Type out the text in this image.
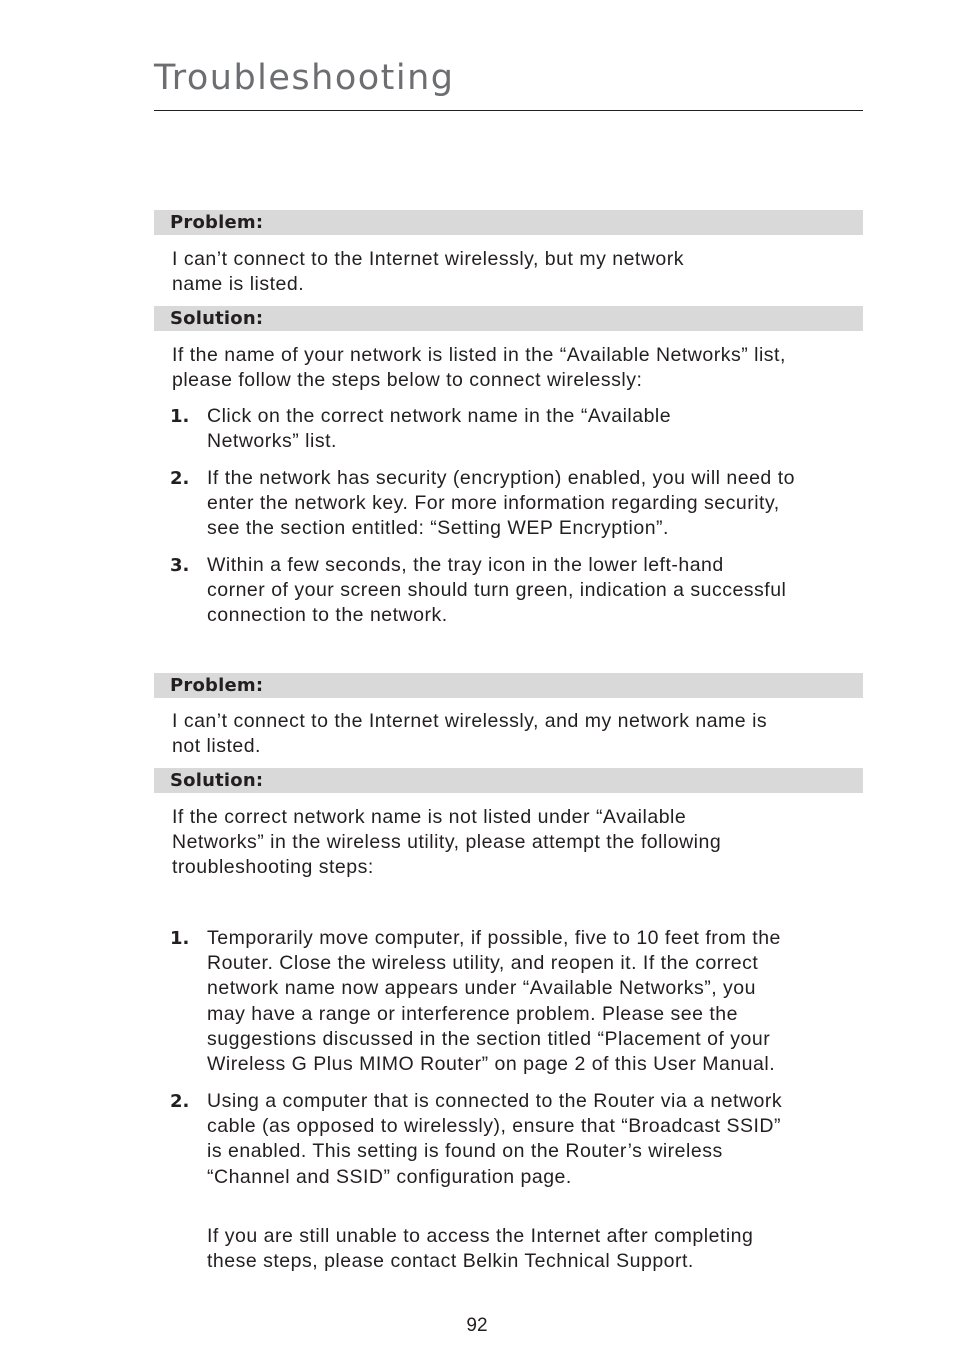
Troubleshooting
Problem:
I can’t connect to the Internet wirelessly, but my network
name is listed.
Solution:
If the name of your network is listed in the “Available Networks” list,
please follow the steps below to connect wirelessly:
1. Click on the correct network name in the “Available
Networks” list.
2. If the network has security (encryption) enabled, you will need to
enter the network key. For more information regarding security,
see the section entitled: “Setting WEP Encryption”.
3. Within a few seconds, the tray icon in the lower left-hand
corner of your screen should turn green, indication a successful
connection to the network.
Problem:
I can’t connect to the Internet wirelessly, and my network name is
not listed.
Solution:
If the correct network name is not listed under “Available
Networks” in the wireless utility, please attempt the following
troubleshooting steps:
1. Temporarily move computer, if possible, five to 10 feet from the
Router. Close the wireless utility, and reopen it. If the correct
network name now appears under “Available Networks”, you
may have a range or interference problem. Please see the
suggestions discussed in the section titled “Placement of your
Wireless G Plus MIMO Router” on page 2 of this User Manual.
2. Using a computer that is connected to the Router via a network
cable (as opposed to wirelessly), ensure that “Broadcast SSID”
is enabled. This setting is found on the Router’s wireless
“Channel and SSID” configuration page.
If you are still unable to access the Internet after completing
these steps, please contact Belkin Technical Support.
92
